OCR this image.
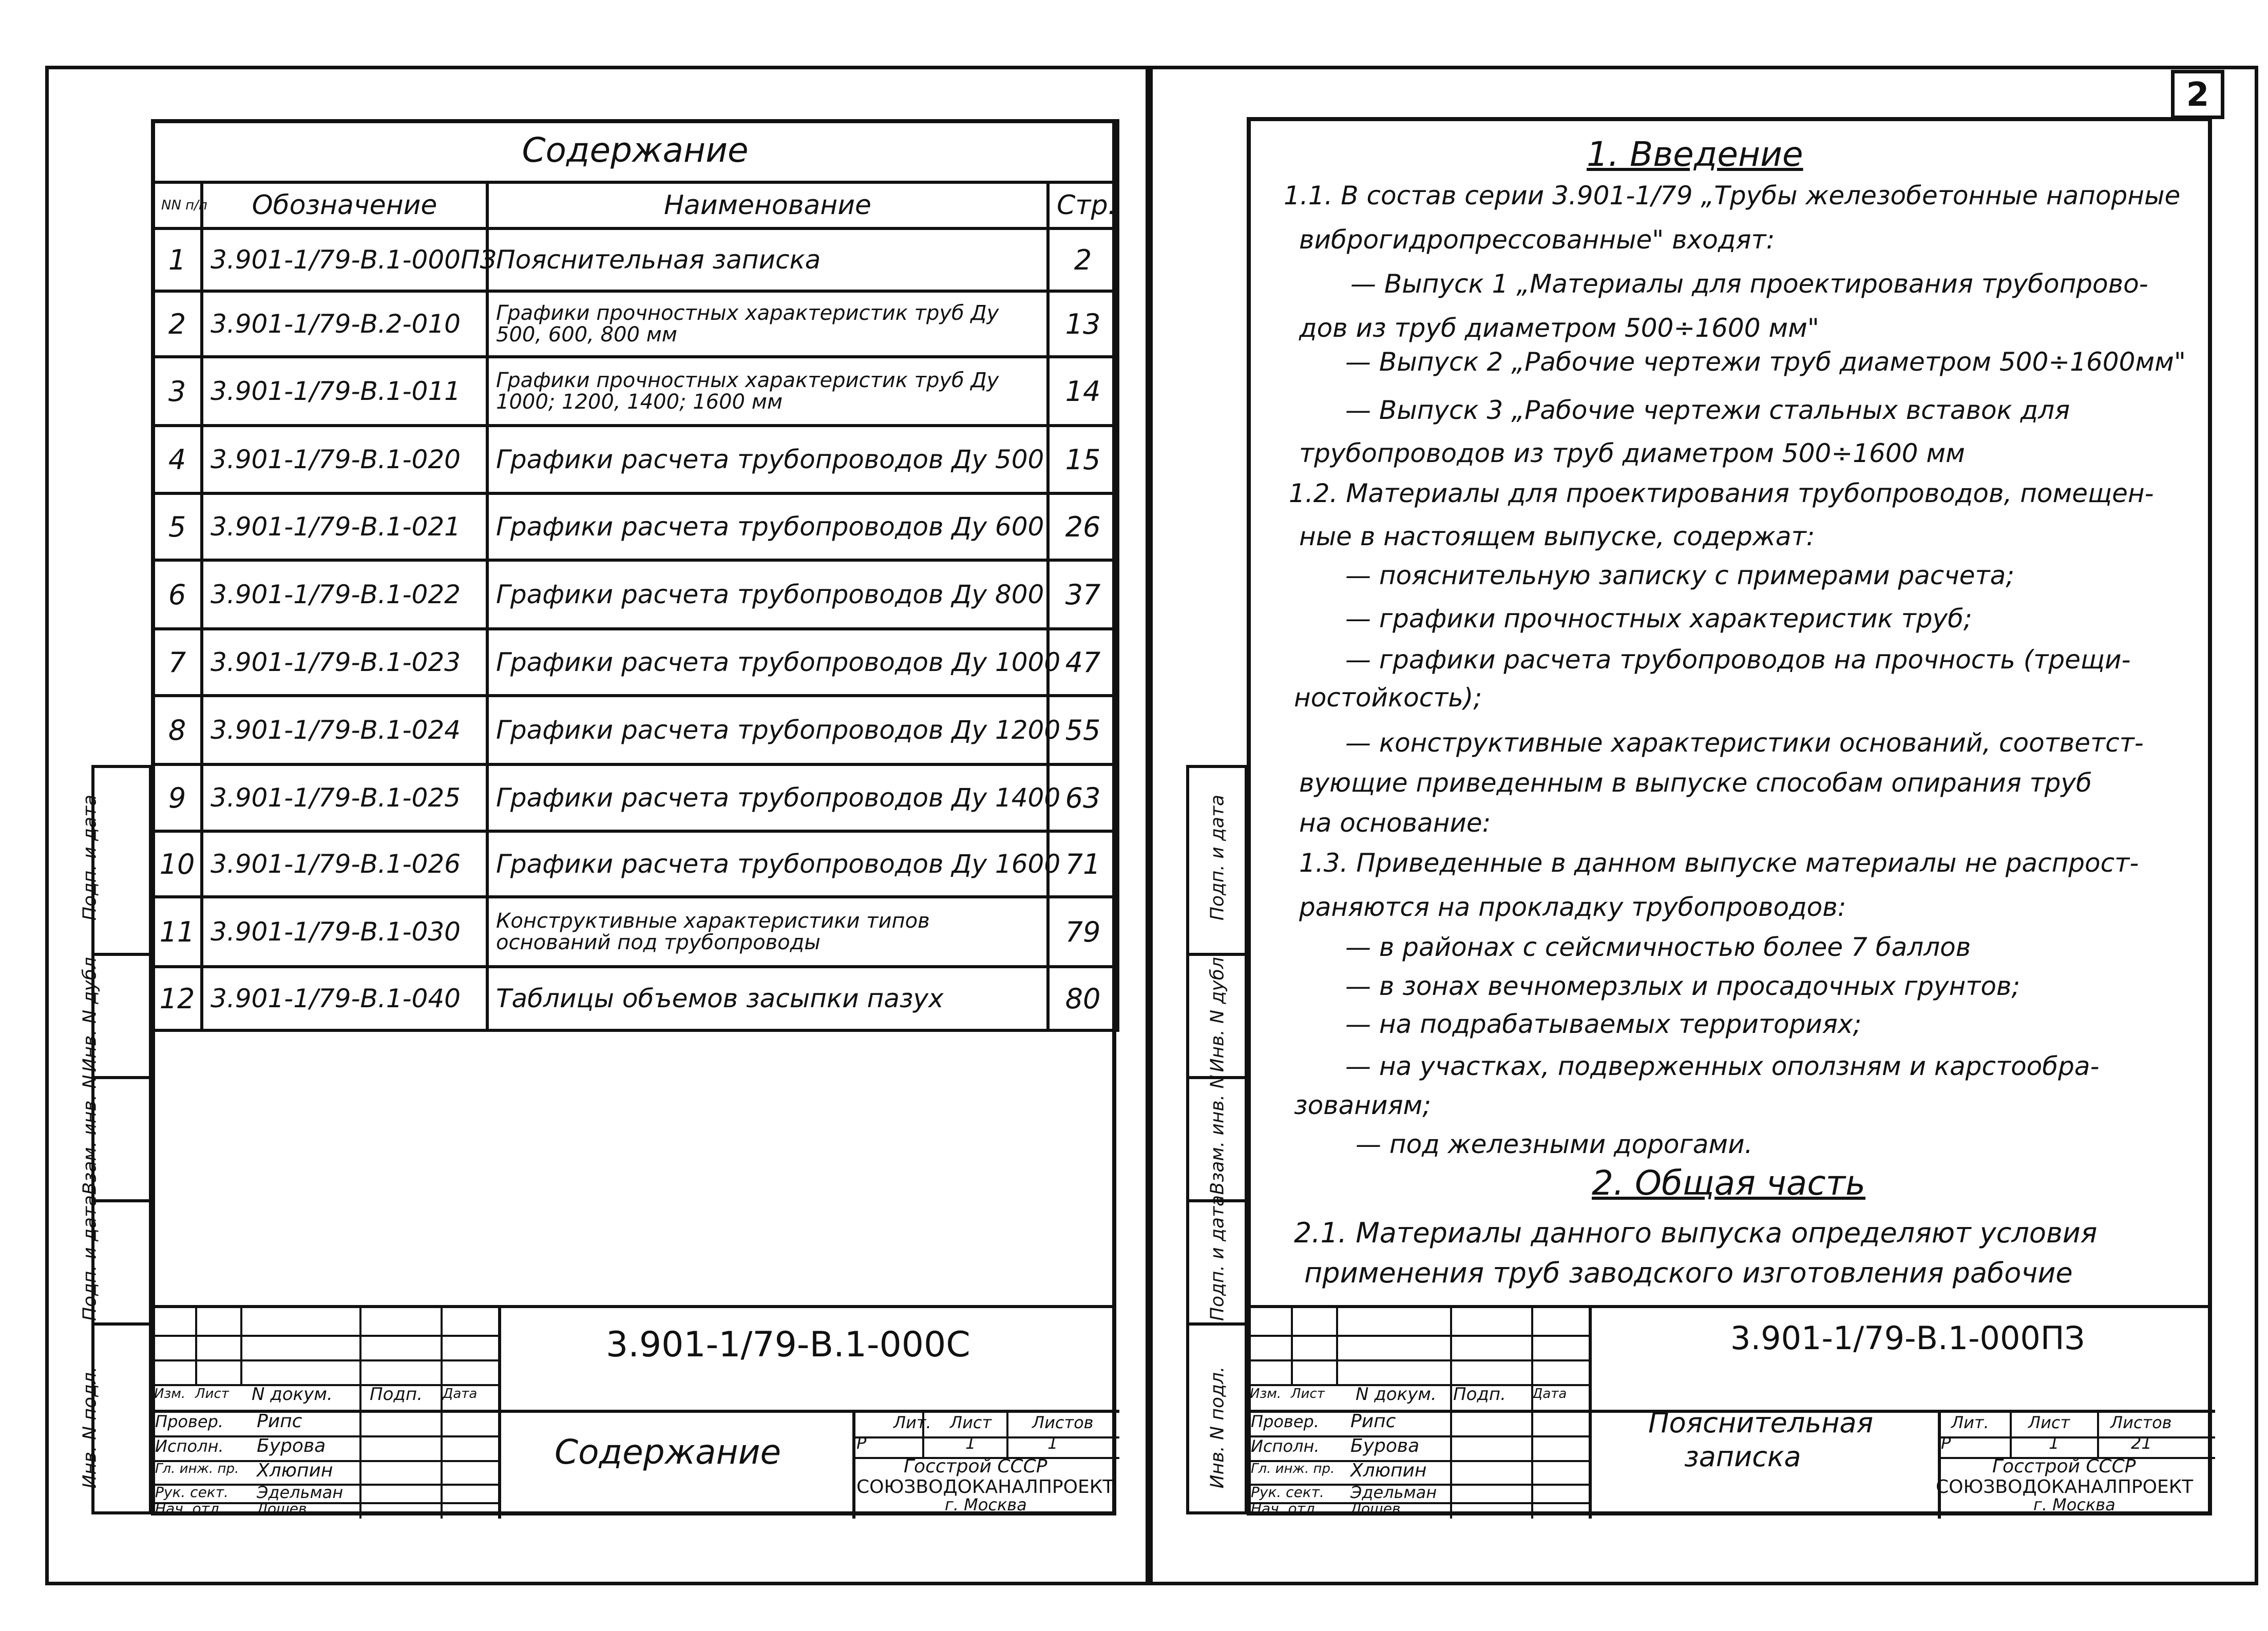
Подп. и дата
Инв. N дубл.
Взам. инв. N
Подп. и дата
Инв. N подл.
Содержание			
NN п/п	Обозначение	Наименование	Стр.
1	3.901-1/79-В.1-000ПЗ	Пояснительная записка	2
2	3.901-1/79-В.2-010	Графики прочностных характеристик труб Ду 500, 600, 800 мм	13
3	3.901-1/79-В.1-011	Графики прочностных характеристик труб Ду 1000; 1200, 1400; 1600 мм	14
4	3.901-1/79-В.1-020	Графики расчета трубопроводов Ду 500	15
5	3.901-1/79-В.1-021	Графики расчета трубопроводов Ду 600	26
6	3.901-1/79-В.1-022	Графики расчета трубопроводов Ду 800	37
7	3.901-1/79-В.1-023	Графики расчета трубопроводов Ду 1000	47
8	3.901-1/79-В.1-024	Графики расчета трубопроводов Ду 1200	55
9	3.901-1/79-В.1-025	Графики расчета трубопроводов Ду 1400	63
10	3.901-1/79-В.1-026	Графики расчета трубопроводов Ду 1600	71
11	3.901-1/79-В.1-030	Конструктивные характеристики типов оснований под трубопроводы	79
12	3.901-1/79-В.1-040	Таблицы объемов засыпки пазух	80
3.901-1/79-В.1-000С
Содержание
Изм. Лист N докум. Подп. Дата
Провер. Рипс
Исполн. Бурова
Гл. инж. пр. Хлюпин
Рук. сект. Эдельман
Нач. отд. Лошев
Лит. Лист Листов
Р	1	1
Госстрой СССР
СОЮЗВОДОКАНАЛПРОЕКТ
г. Москва
2
Подп. и дата
Инв. N дубл.
Взам. инв. N
Подп. и дата
Инв. N подл.
1. Введение
1.1. В состав серии 3.901-1/79 „Трубы железобетонные напорные
виброгидропрессованные" входят:
— Выпуск 1 „Материалы для проектирования трубопрово-
дов из труб диаметром 500÷1600 мм"
— Выпуск 2 „Рабочие чертежи труб диаметром 500÷1600мм"
— Выпуск 3 „Рабочие чертежи стальных вставок для
трубопроводов из труб диаметром 500÷1600 мм
1.2. Материалы для проектирования трубопроводов, помещен-
ные в настоящем выпуске, содержат:
— пояснительную записку с примерами расчета;
— графики прочностных характеристик труб;
— графики расчета трубопроводов на прочность (трещи-
ностойкость);
— конструктивные характеристики оснований, соответст-
вующие приведенным в выпуске способам опирания труб
на основание:
1.3. Приведенные в данном выпуске материалы не распрост-
раняются на прокладку трубопроводов:
— в районах с сейсмичностью более 7 баллов
— в зонах вечномерзлых и просадочных грунтов;
— на подрабатываемых территориях;
— на участках, подверженных оползням и карстообра-
зованиям;
— под железными дорогами.
2. Общая часть
2.1. Материалы данного выпуска определяют условия
применения труб заводского изготовления рабочие
3.901-1/79-В.1-000ПЗ
Пояснительная
записка
Изм. Лист N докум. Подп. Дата
Провер. Рипс
Исполн. Бурова
Гл. инж. пр. Хлюпин
Рук. сект. Эдельман
Нач. отд. Лошев
Лит. Лист Листов
Р	1	21
Госстрой СССР
СОЮЗВОДОКАНАЛПРОЕКТ
г. Москва
